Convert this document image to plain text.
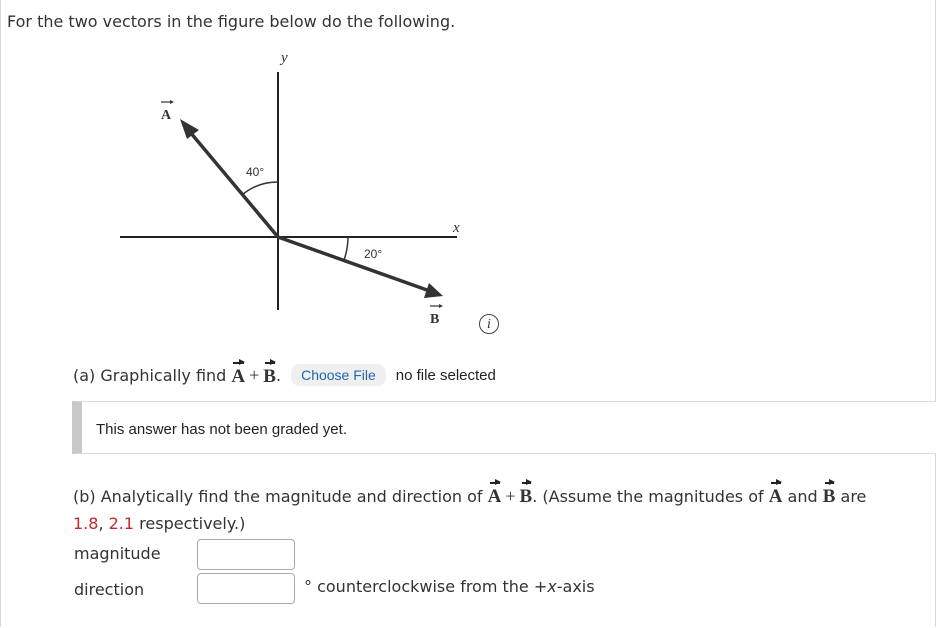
For the two vectors in the figure below do the following.
y
x
A
B
40°
20°
i
(a) Graphically find A + B .	Choose File	no file selected
This answer has not been graded yet.
(b) Analytically find the magnitude and direction of A + B. (Assume the magnitudes of A and B are
1.8, 2.1 respectively.)
magnitude
direction	° counterclockwise from the +x-axis
